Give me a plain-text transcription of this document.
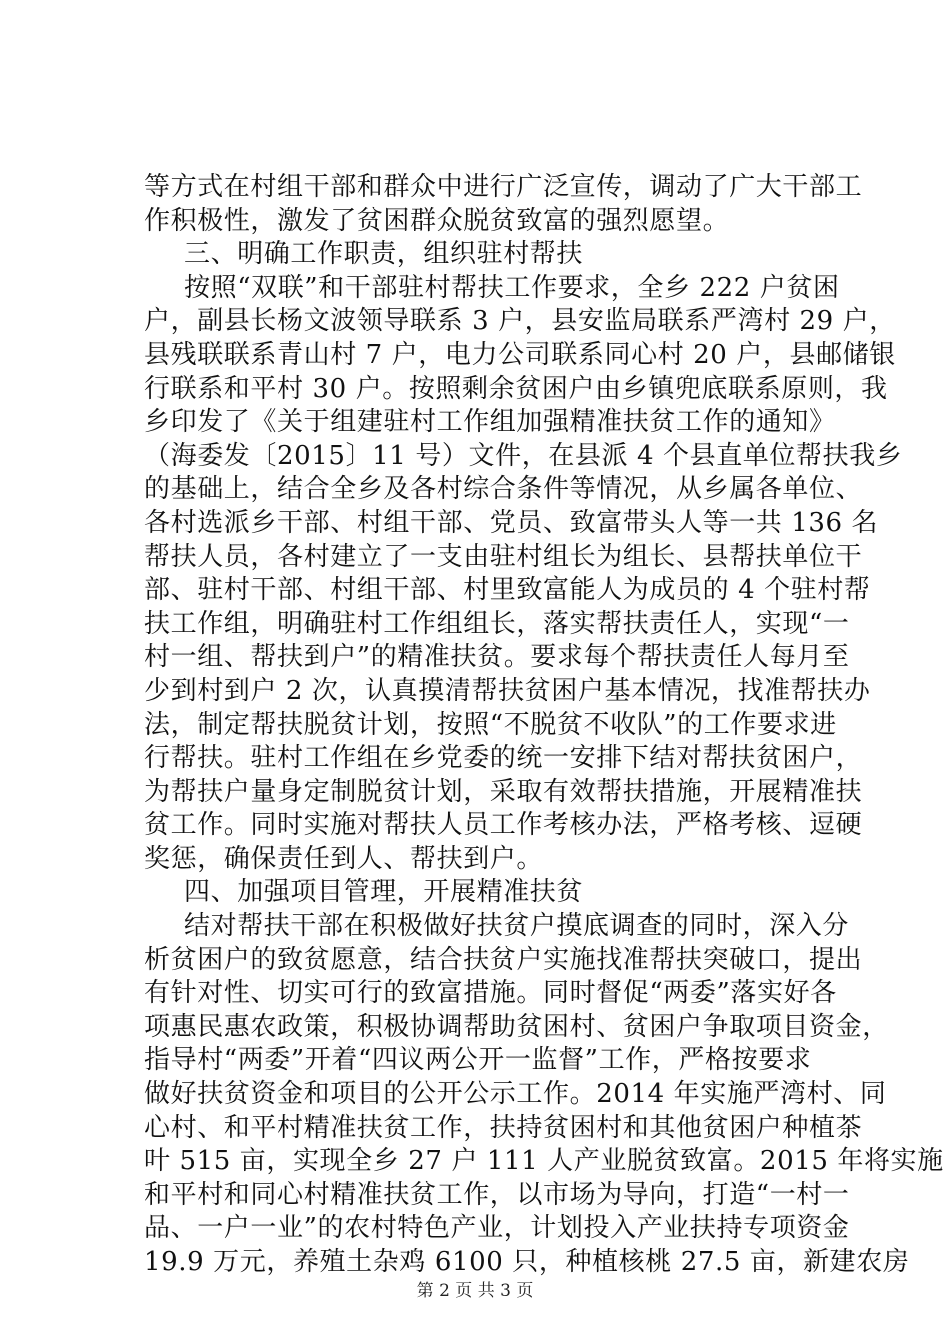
等方式在村组干部和群众中进行广泛宣传，调动了广大干部工
作积极性，激发了贫困群众脱贫致富的强烈愿望。
三、明确工作职责，组织驻村帮扶
按照“双联”和干部驻村帮扶工作要求，全乡 222 户贫困
户，副县长杨文波领导联系 3 户，县安监局联系严湾村 29 户，
县残联联系青山村 7 户，电力公司联系同心村 20 户，县邮储银
行联系和平村 30 户。按照剩余贫困户由乡镇兜底联系原则，我
乡印发了《关于组建驻村工作组加强精准扶贫工作的通知》
（海委发〔2015〕11 号）文件，在县派 4 个县直单位帮扶我乡
的基础上，结合全乡及各村综合条件等情况，从乡属各单位、
各村选派乡干部、村组干部、党员、致富带头人等一共 136 名
帮扶人员，各村建立了一支由驻村组长为组长、县帮扶单位干
部、驻村干部、村组干部、村里致富能人为成员的 4 个驻村帮
扶工作组，明确驻村工作组组长，落实帮扶责任人，实现“一
村一组、帮扶到户”的精准扶贫。要求每个帮扶责任人每月至
少到村到户 2 次，认真摸清帮扶贫困户基本情况，找准帮扶办
法，制定帮扶脱贫计划，按照“不脱贫不收队”的工作要求进
行帮扶。驻村工作组在乡党委的统一安排下结对帮扶贫困户，
为帮扶户量身定制脱贫计划，采取有效帮扶措施，开展精准扶
贫工作。同时实施对帮扶人员工作考核办法，严格考核、逗硬
奖惩，确保责任到人、帮扶到户。
四、加强项目管理，开展精准扶贫
结对帮扶干部在积极做好扶贫户摸底调查的同时，深入分
析贫困户的致贫愿意，结合扶贫户实施找准帮扶突破口，提出
有针对性、切实可行的致富措施。同时督促“两委”落实好各
项惠民惠农政策，积极协调帮助贫困村、贫困户争取项目资金，
指导村“两委”开着“四议两公开一监督”工作，严格按要求
做好扶贫资金和项目的公开公示工作。2014 年实施严湾村、同
心村、和平村精准扶贫工作，扶持贫困村和其他贫困户种植茶
叶 515 亩，实现全乡 27 户 111 人产业脱贫致富。2015 年将实施
和平村和同心村精准扶贫工作，以市场为导向，打造“一村一
品、一户一业”的农村特色产业，计划投入产业扶持专项资金
19.9 万元，养殖土杂鸡 6100 只，种植核桃 27.5 亩，新建农房
第 2 页 共 3 页
